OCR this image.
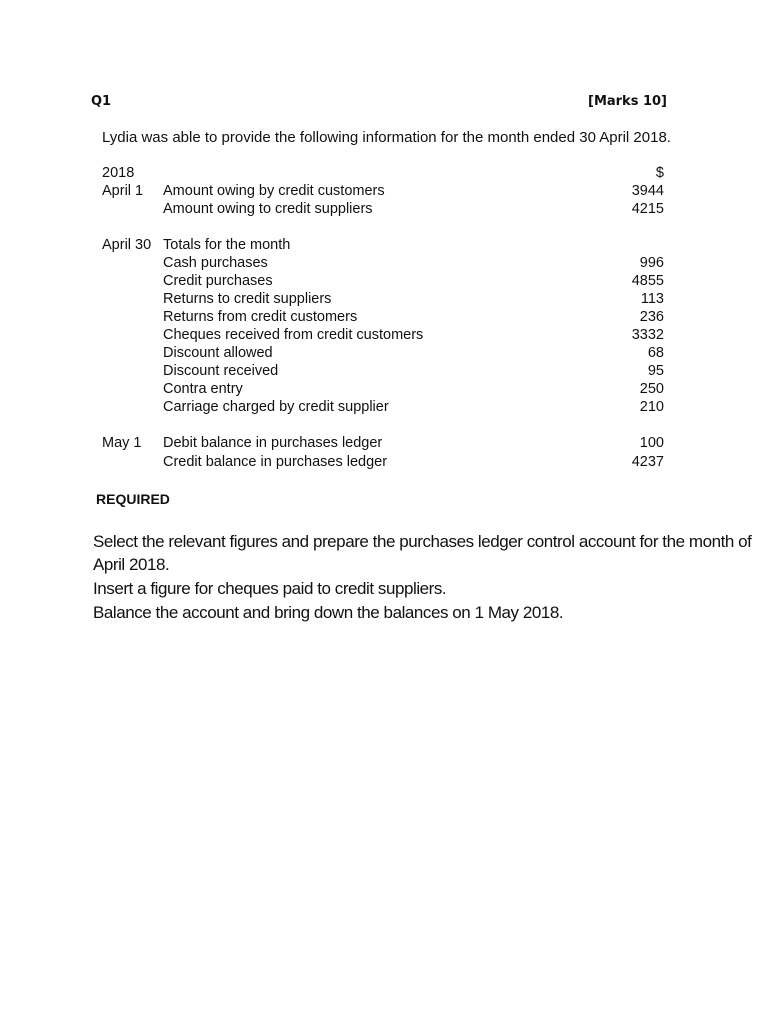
Q1	[Marks 10]
Lydia was able to provide the following information for the month ended 30 April 2018.
2018	$
April 1 Amount owing by credit customers	3944
Amount owing to credit suppliers	4215
April 30 Totals for the month
Cash purchases	996
Credit purchases	4855
Returns to credit suppliers	113
Returns from credit customers	236
Cheques received from credit customers	3332
Discount allowed	68
Discount received	95
Contra entry	250
Carriage charged by credit supplier	210
May 1 Debit balance in purchases ledger	100
Credit balance in purchases ledger	4237
REQUIRED
Select the relevant figures and prepare the purchases ledger control account for the month of
April 2018.
Insert a figure for cheques paid to credit suppliers.
Balance the account and bring down the balances on 1 May 2018.
